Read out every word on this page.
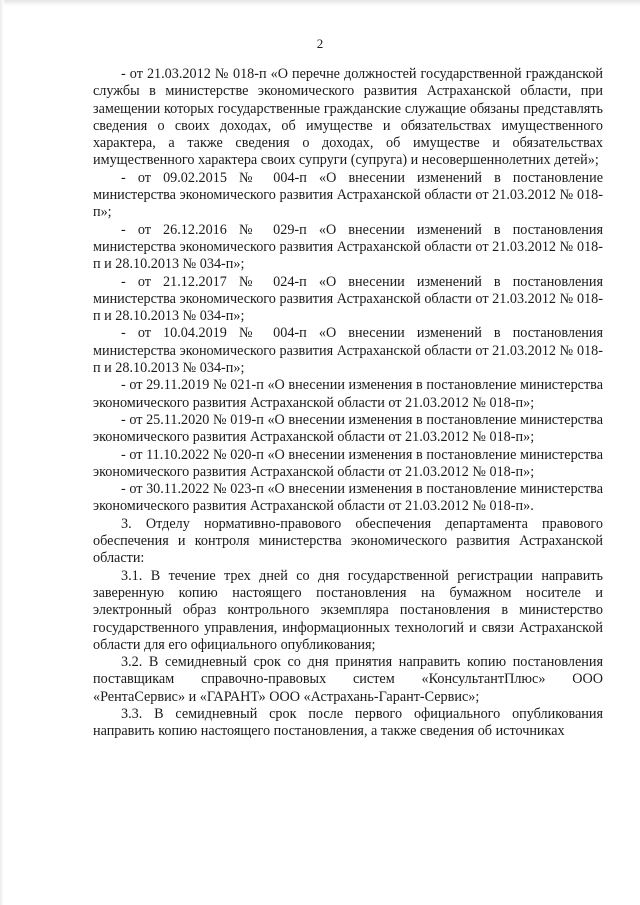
2

- от 21.03.2012 № 018-п «О перечне должностей государственной гражданской службы в министерстве экономического развития Астраханской области, при замещении которых государственные гражданские служащие обязаны представлять сведения о своих доходах, об имуществе и обязательствах имущественного характера, а также сведения о доходах, об имуществе и обязательствах имущественного характера своих супруги (супруга) и несовершеннолетних детей»;

- от 09.02.2015 № 004-п «О внесении изменений в постановление министерства экономического развития Астраханской области от 21.03.2012 № 018-п»;

- от 26.12.2016 № 029-п «О внесении изменений в постановления министерства экономического развития Астраханской области от 21.03.2012 № 018-п и 28.10.2013 № 034-п»;

- от 21.12.2017 № 024-п «О внесении изменений в постановления министерства экономического развития Астраханской области от 21.03.2012 № 018-п и 28.10.2013 № 034-п»;

- от 10.04.2019 № 004-п «О внесении изменений в постановления министерства экономического развития Астраханской области от 21.03.2012 № 018-п и 28.10.2013 № 034-п»;

- от 29.11.2019 № 021-п «О внесении изменения в постановление министерства экономического развития Астраханской области от 21.03.2012 № 018-п»;

- от 25.11.2020 № 019-п «О внесении изменения в постановление министерства экономического развития Астраханской области от 21.03.2012 № 018-п»;

- от 11.10.2022 № 020-п «О внесении изменения в постановление министерства экономического развития Астраханской области от 21.03.2012 № 018-п»;

- от 30.11.2022 № 023-п «О внесении изменения в постановление министерства экономического развития Астраханской области от 21.03.2012 № 018-п».

3. Отделу нормативно-правового обеспечения департамента правового обеспечения и контроля министерства экономического развития Астраханской области:

3.1. В течение трех дней со дня государственной регистрации направить заверенную копию настоящего постановления на бумажном носителе и электронный образ контрольного экземпляра постановления в министерство государственного управления, информационных технологий и связи Астраханской области для его официального опубликования;

3.2. В семидневный срок со дня принятия направить копию постановления поставщикам справочно-правовых систем «КонсультантПлюс» ООО «РентаСервис» и «ГАРАНТ» ООО «Астрахань-Гарант-Сервис»;

3.3. В семидневный срок после первого официального опубликования направить копию настоящего постановления, а также сведения об источниках
